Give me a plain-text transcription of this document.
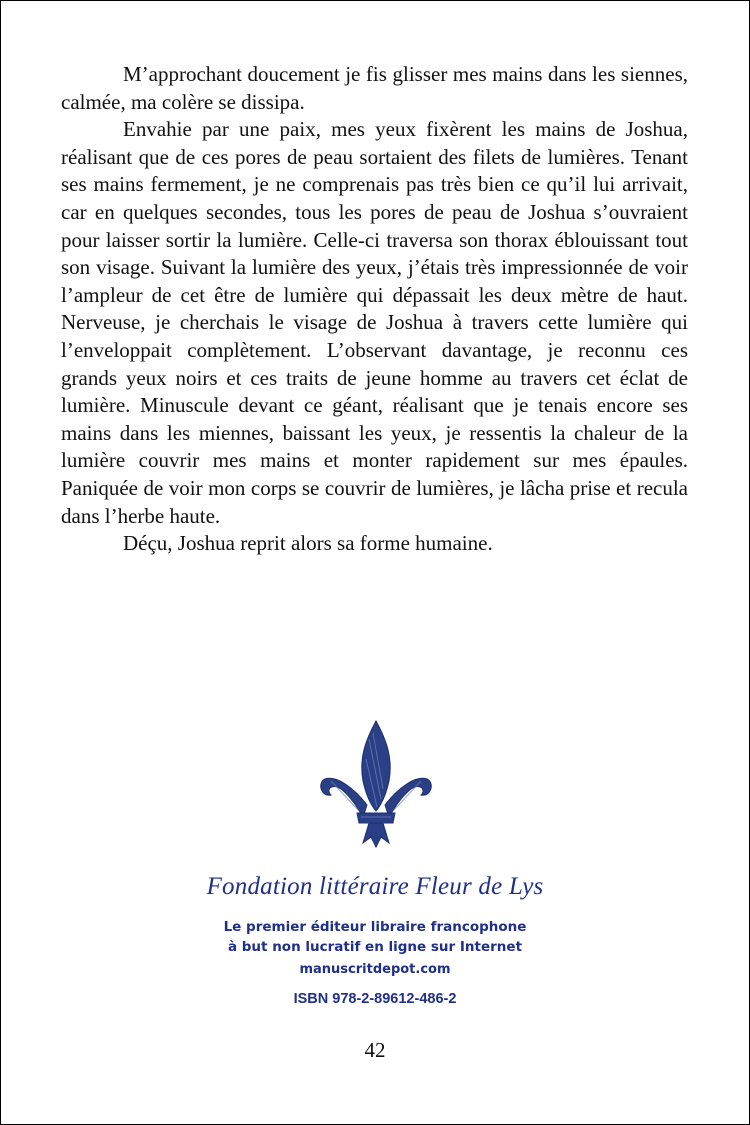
M’approchant doucement je fis glisser mes mains dans les siennes, calmée, ma colère se dissipa.

Envahie par une paix, mes yeux fixèrent les mains de Joshua, réalisant que de ces pores de peau sortaient des filets de lumières. Tenant ses mains fermement, je ne comprenais pas très bien ce qu’il lui arrivait, car en quelques secondes, tous les pores de peau de Joshua s’ouvraient pour laisser sortir la lumière. Celle-ci traversa son thorax éblouissant tout son visage. Suivant la lumière des yeux, j’étais très impressionnée de voir l’ampleur de cet être de lumière qui dépassait les deux mètre de haut. Nerveuse, je cherchais le visage de Joshua à travers cette lumière qui l’enveloppait complètement. L’observant davantage, je reconnu ces grands yeux noirs et ces traits de jeune homme au travers cet éclat de lumière. Minuscule devant ce géant, réalisant que je tenais encore ses mains dans les miennes, baissant les yeux, je ressentis la chaleur de la lumière couvrir mes mains et monter rapidement sur mes épaules. Paniquée de voir mon corps se couvrir de lumières, je lâcha prise et recula dans l’herbe haute.

Déçu, Joshua reprit alors sa forme humaine.

Fondation littéraire Fleur de Lys
Le premier éditeur libraire francophone
à but non lucratif en ligne sur Internet
manuscritdepot.com
ISBN 978-2-89612-486-2
42
